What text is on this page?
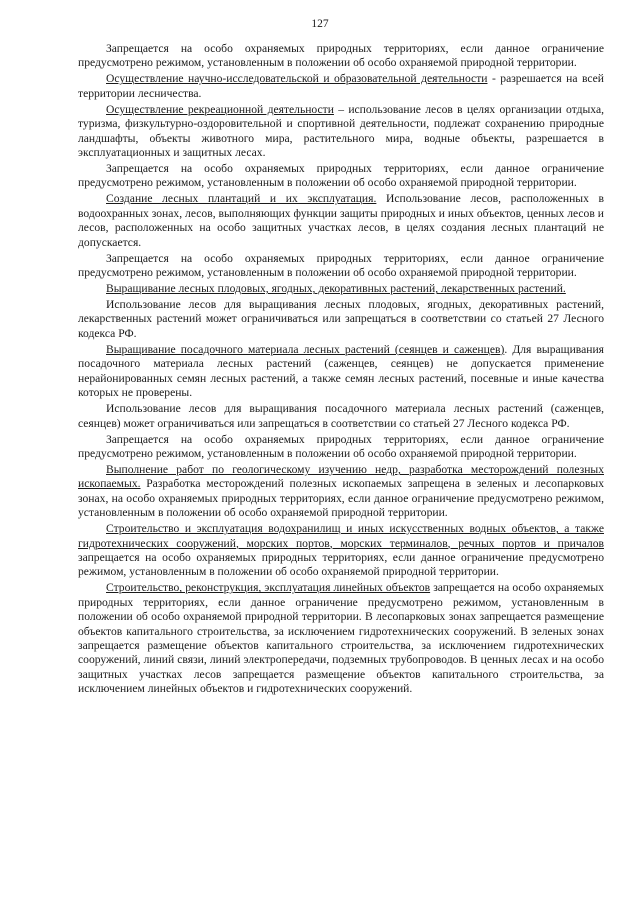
127

Запрещается на особо охраняемых природных территориях, если данное ограничение предусмотрено режимом, установленным в положении об особо охраняемой природной территории.

Осуществление научно-исследовательской и образовательной деятельности - разрешается на всей территории лесничества.

Осуществление рекреационной деятельности – использование лесов в целях организации отдыха, туризма, физкультурно-оздоровительной и спортивной деятельности, подлежат сохранению природные ландшафты, объекты животного мира, растительного мира, водные объекты, разрешается в эксплуатационных и защитных лесах.

Запрещается на особо охраняемых природных территориях, если данное ограничение предусмотрено режимом, установленным в положении об особо охраняемой природной территории.

Создание лесных плантаций и их эксплуатация. Использование лесов, расположенных в водоохранных зонах, лесов, выполняющих функции защиты природных и иных объектов, ценных лесов и лесов, расположенных на особо защитных участках лесов, в целях создания лесных плантаций не допускается.

Запрещается на особо охраняемых природных территориях, если данное ограничение предусмотрено режимом, установленным в положении об особо охраняемой природной территории.

Выращивание лесных плодовых, ягодных, декоративных растений, лекарственных растений.

Использование лесов для выращивания лесных плодовых, ягодных, декоративных растений, лекарственных растений может ограничиваться или запрещаться в соответствии со статьей 27 Лесного кодекса РФ.

Выращивание посадочного материала лесных растений (сеянцев и саженцев). Для выращивания посадочного материала лесных растений (саженцев, сеянцев) не допускается применение нерайонированных семян лесных растений, а также семян лесных растений, посевные и иные качества которых не проверены.

Использование лесов для выращивания посадочного материала лесных растений (саженцев, сеянцев) может ограничиваться или запрещаться в соответствии со статьей 27 Лесного кодекса РФ.

Запрещается на особо охраняемых природных территориях, если данное ограничение предусмотрено режимом, установленным в положении об особо охраняемой природной территории.

Выполнение работ по геологическому изучению недр, разработка месторождений полезных ископаемых. Разработка месторождений полезных ископаемых запрещена в зеленых и лесопарковых зонах, на особо охраняемых природных территориях, если данное ограничение предусмотрено режимом, установленным в положении об особо охраняемой природной территории.

Строительство и эксплуатация водохранилищ и иных искусственных водных объектов, а также гидротехнических сооружений, морских портов, морских терминалов, речных портов и причалов запрещается на особо охраняемых природных территориях, если данное ограничение предусмотрено режимом, установленным в положении об особо охраняемой природной территории.

Строительство, реконструкция, эксплуатация линейных объектов запрещается на особо охраняемых природных территориях, если данное ограничение предусмотрено режимом, установленным в положении об особо охраняемой природной территории. В лесопарковых зонах запрещается размещение объектов капитального строительства, за исключением гидротехнических сооружений. В зеленых зонах запрещается размещение объектов капитального строительства, за исключением гидротехнических сооружений, линий связи, линий электропередачи, подземных трубопроводов. В ценных лесах и на особо защитных участках лесов запрещается размещение объектов капитального строительства, за исключением линейных объектов и гидротехнических сооружений.
